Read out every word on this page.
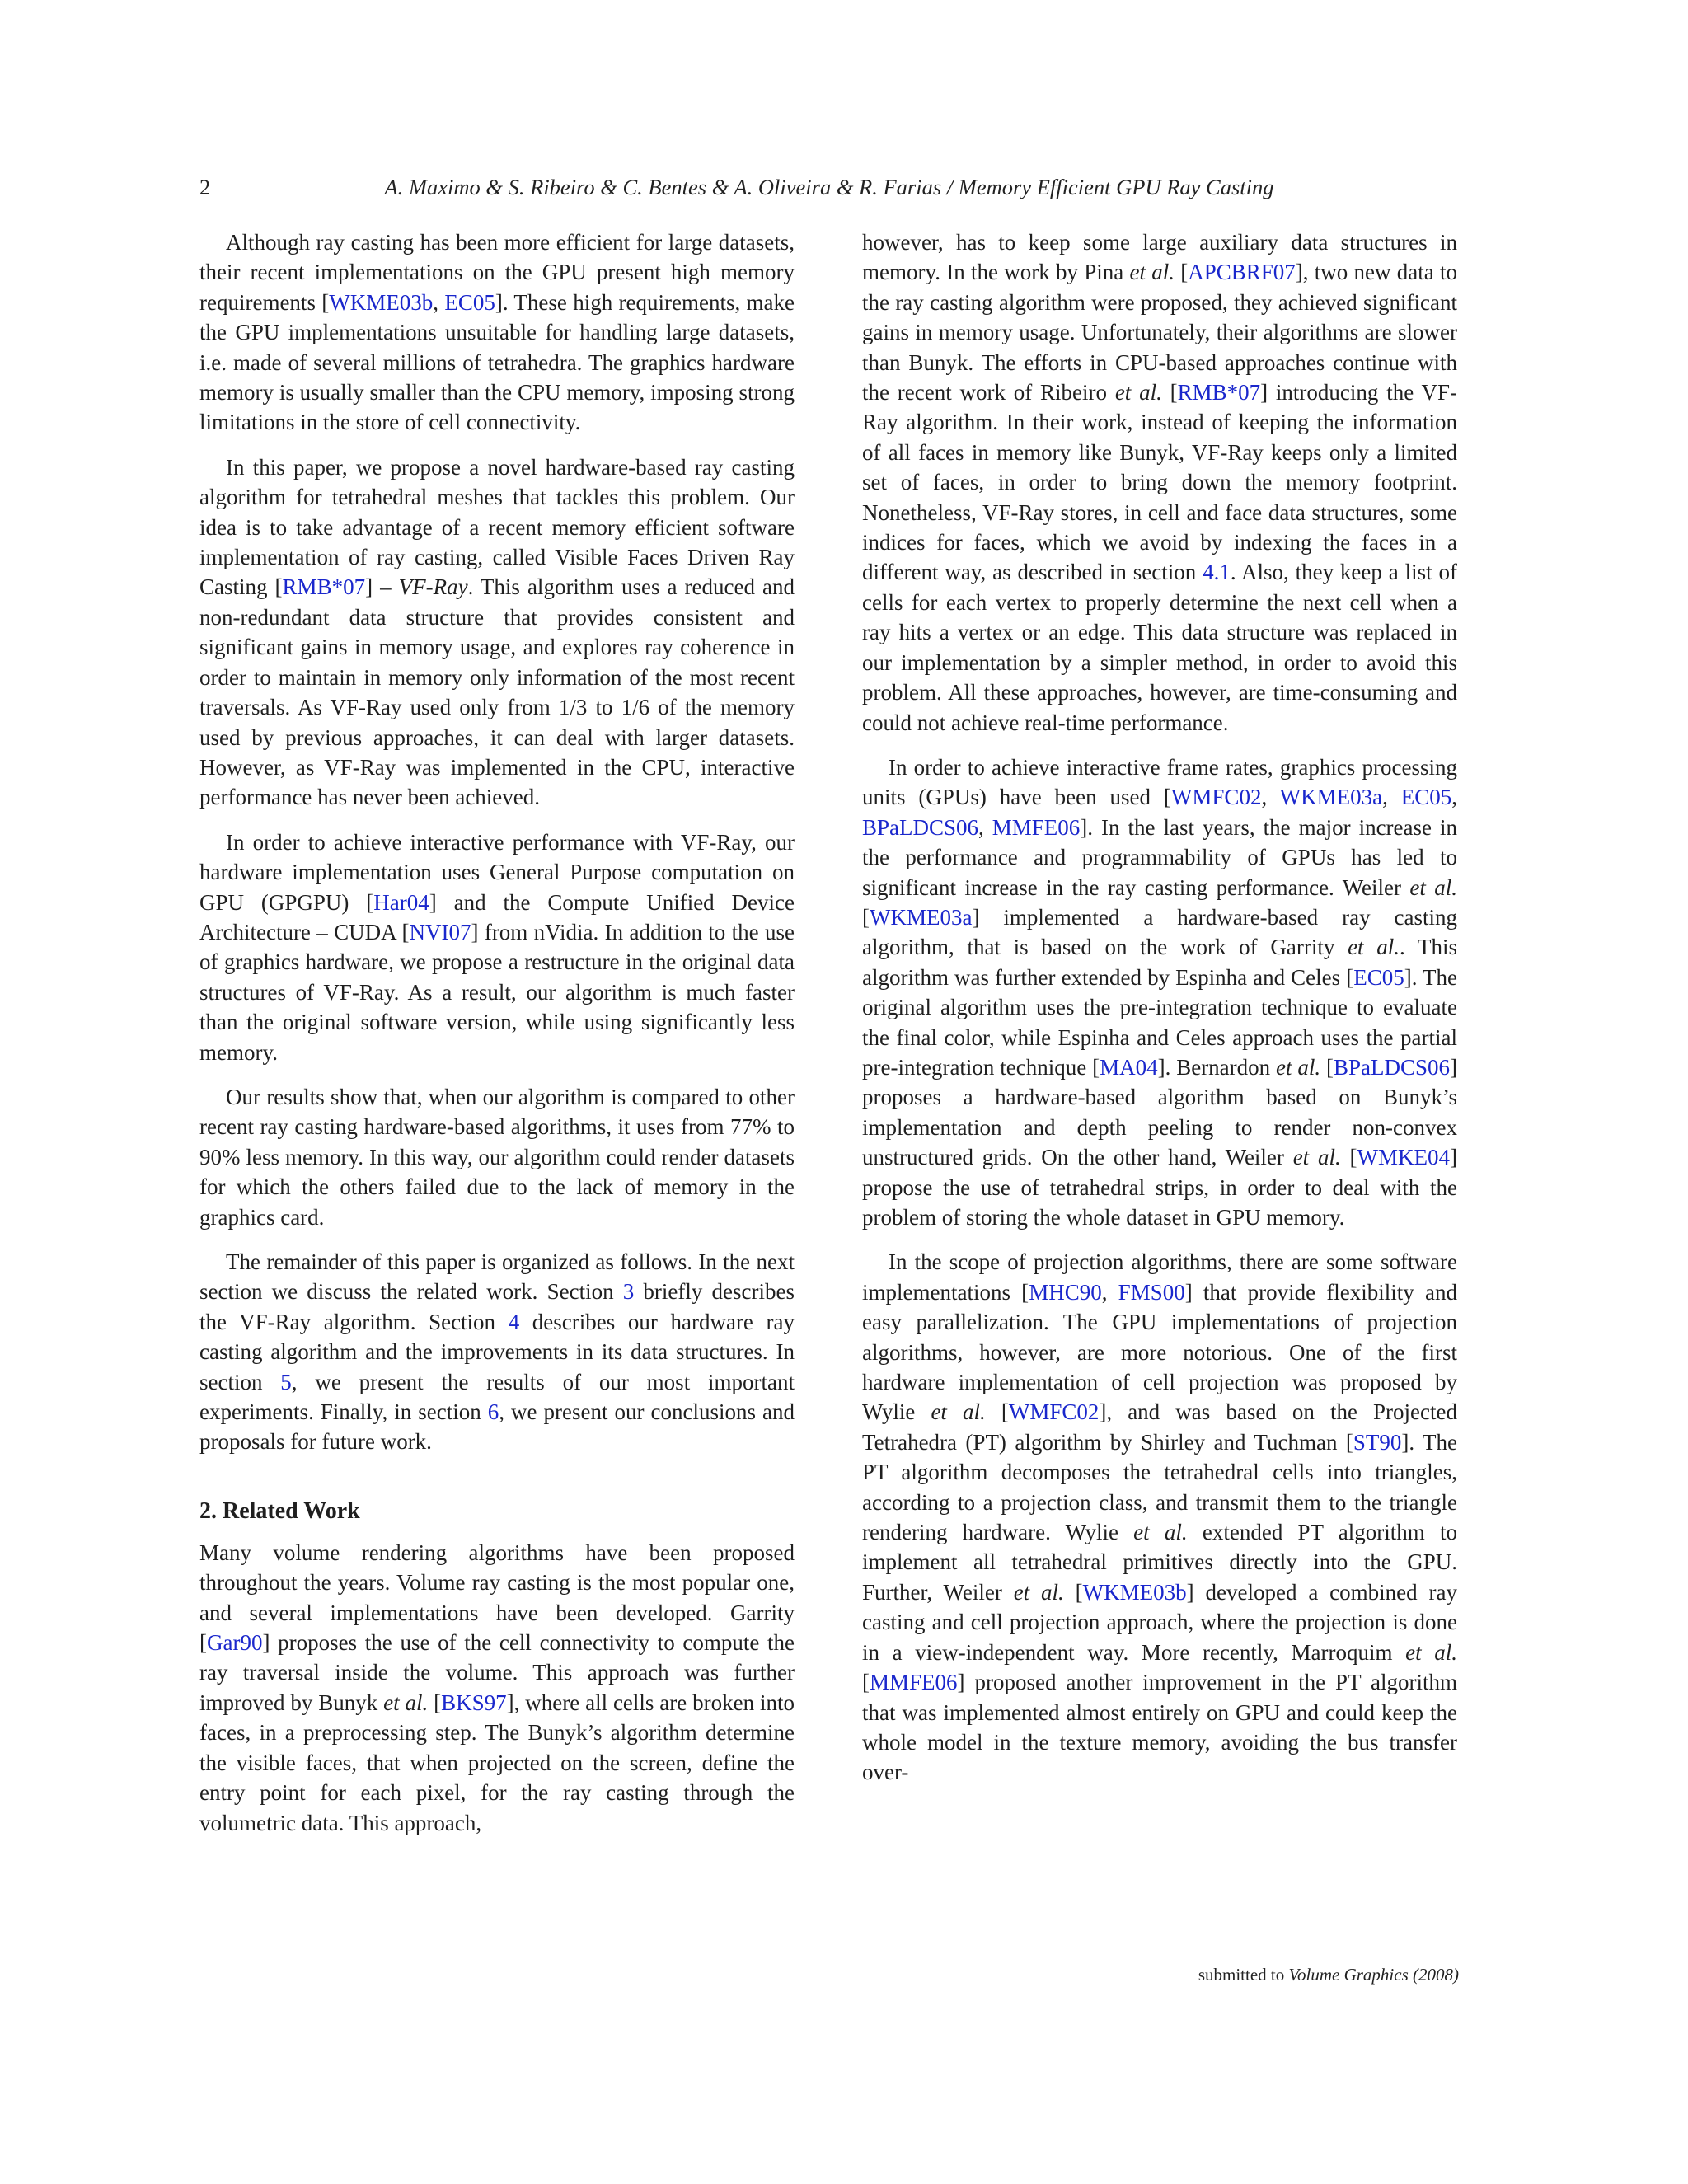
2	A. Maximo & S. Ribeiro & C. Bentes & A. Oliveira & R. Farias / Memory Efficient GPU Ray Casting

Although ray casting has been more efficient for large datasets, their recent implementations on the GPU present high memory requirements [WKME03b, EC05]. These high requirements, make the GPU implementations unsuitable for handling large datasets, i.e. made of several millions of tetrahedra. The graphics hardware memory is usually smaller than the CPU memory, imposing strong limitations in the store of cell connectivity.

In this paper, we propose a novel hardware-based ray casting algorithm for tetrahedral meshes that tackles this problem. Our idea is to take advantage of a recent memory efficient software implementation of ray casting, called Visible Faces Driven Ray Casting [RMB*07] – VF-Ray. This algorithm uses a reduced and non-redundant data structure that provides consistent and significant gains in memory usage, and explores ray coherence in order to maintain in memory only information of the most recent traversals. As VF-Ray used only from 1/3 to 1/6 of the memory used by previous approaches, it can deal with larger datasets. However, as VF-Ray was implemented in the CPU, interactive performance has never been achieved.

In order to achieve interactive performance with VF-Ray, our hardware implementation uses General Purpose computation on GPU (GPGPU) [Har04] and the Compute Unified Device Architecture – CUDA [NVI07] from nVidia. In addition to the use of graphics hardware, we propose a restructure in the original data structures of VF-Ray. As a result, our algorithm is much faster than the original software version, while using significantly less memory.

Our results show that, when our algorithm is compared to other recent ray casting hardware-based algorithms, it uses from 77% to 90% less memory. In this way, our algorithm could render datasets for which the others failed due to the lack of memory in the graphics card.

The remainder of this paper is organized as follows. In the next section we discuss the related work. Section 3 briefly describes the VF-Ray algorithm. Section 4 describes our hardware ray casting algorithm and the improvements in its data structures. In section 5, we present the results of our most important experiments. Finally, in section 6, we present our conclusions and proposals for future work.

2. Related Work

Many volume rendering algorithms have been proposed throughout the years. Volume ray casting is the most popular one, and several implementations have been developed. Garrity [Gar90] proposes the use of the cell connectivity to compute the ray traversal inside the volume. This approach was further improved by Bunyk et al. [BKS97], where all cells are broken into faces, in a preprocessing step. The Bunyk’s algorithm determine the visible faces, that when projected on the screen, define the entry point for each pixel, for the ray casting through the volumetric data. This approach,

however, has to keep some large auxiliary data structures in memory. In the work by Pina et al. [APCBRF07], two new data to the ray casting algorithm were proposed, they achieved significant gains in memory usage. Unfortunately, their algorithms are slower than Bunyk. The efforts in CPU-based approaches continue with the recent work of Ribeiro et al. [RMB*07] introducing the VF-Ray algorithm. In their work, instead of keeping the information of all faces in memory like Bunyk, VF-Ray keeps only a limited set of faces, in order to bring down the memory footprint. Nonetheless, VF-Ray stores, in cell and face data structures, some indices for faces, which we avoid by indexing the faces in a different way, as described in section 4.1. Also, they keep a list of cells for each vertex to properly determine the next cell when a ray hits a vertex or an edge. This data structure was replaced in our implementation by a simpler method, in order to avoid this problem. All these approaches, however, are time-consuming and could not achieve real-time performance.

In order to achieve interactive frame rates, graphics processing units (GPUs) have been used [WMFC02, WKME03a, EC05, BPaLDCS06, MMFE06]. In the last years, the major increase in the performance and programmability of GPUs has led to significant increase in the ray casting performance. Weiler et al. [WKME03a] implemented a hardware-based ray casting algorithm, that is based on the work of Garrity et al.. This algorithm was further extended by Espinha and Celes [EC05]. The original algorithm uses the pre-integration technique to evaluate the final color, while Espinha and Celes approach uses the partial pre-integration technique [MA04]. Bernardon et al. [BPaLDCS06] proposes a hardware-based algorithm based on Bunyk’s implementation and depth peeling to render non-convex unstructured grids. On the other hand, Weiler et al. [WMKE04] propose the use of tetrahedral strips, in order to deal with the problem of storing the whole dataset in GPU memory.

In the scope of projection algorithms, there are some software implementations [MHC90, FMS00] that provide flexibility and easy parallelization. The GPU implementations of projection algorithms, however, are more notorious. One of the first hardware implementation of cell projection was proposed by Wylie et al. [WMFC02], and was based on the Projected Tetrahedra (PT) algorithm by Shirley and Tuchman [ST90]. The PT algorithm decomposes the tetrahedral cells into triangles, according to a projection class, and transmit them to the triangle rendering hardware. Wylie et al. extended PT algorithm to implement all tetrahedral primitives directly into the GPU. Further, Weiler et al. [WKME03b] developed a combined ray casting and cell projection approach, where the projection is done in a view-independent way. More recently, Marroquim et al. [MMFE06] proposed another improvement in the PT algorithm that was implemented almost entirely on GPU and could keep the whole model in the texture memory, avoiding the bus transfer over-

submitted to Volume Graphics (2008)
